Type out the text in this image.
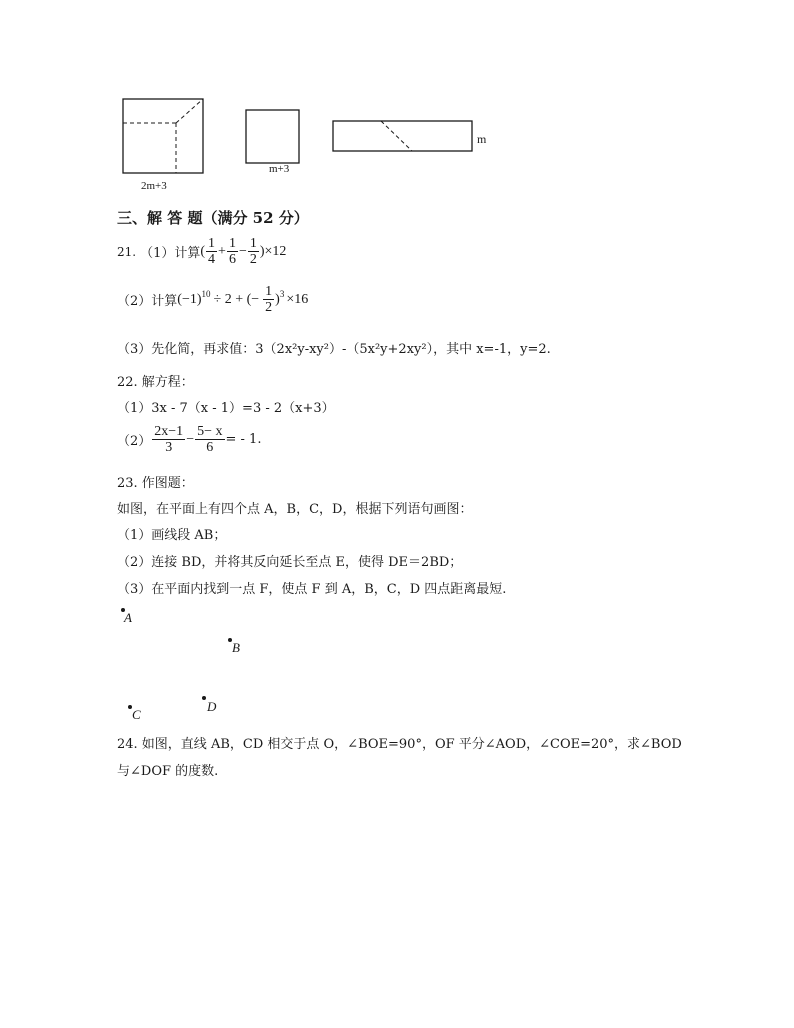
2m+3
m+3
m
三、解 答 题（满分 52 分）
21. （1）计算 ( $\frac{1}{4} + \frac{1}{6} - \frac{1}{2}$ ) ×12
（2）计算 $(-1)^{10} \div 2$ + (− $\frac{1}{2} )^3 \times 16$
（3）先化简，再求值：3（2x²y-xy²）-（5x²y+2xy²），其中 x=-1，y=2.
22. 解方程：
（1）3x - 7（x - 1）=3 - 2（x+3）
$(2) \frac{2x-1}{3} - \frac{5- x}{6}$ = - 1.
23. 作图题：
如图，在平面上有四个点 A，B，C，D，根据下列语句画图：
（1）画线段 AB；
（2）连接 BD，并将其反向延长至点 E，使得 DE＝2BD；
（3）在平面内找到一点 F，使点 F 到 A，B，C，D 四点距离最短.
A
B
D
C
24. 如图，直线 AB，CD 相交于点 O，∠BOE=90°，OF 平分∠AOD，∠COE=20°，求∠BOD
与∠DOF 的度数.
